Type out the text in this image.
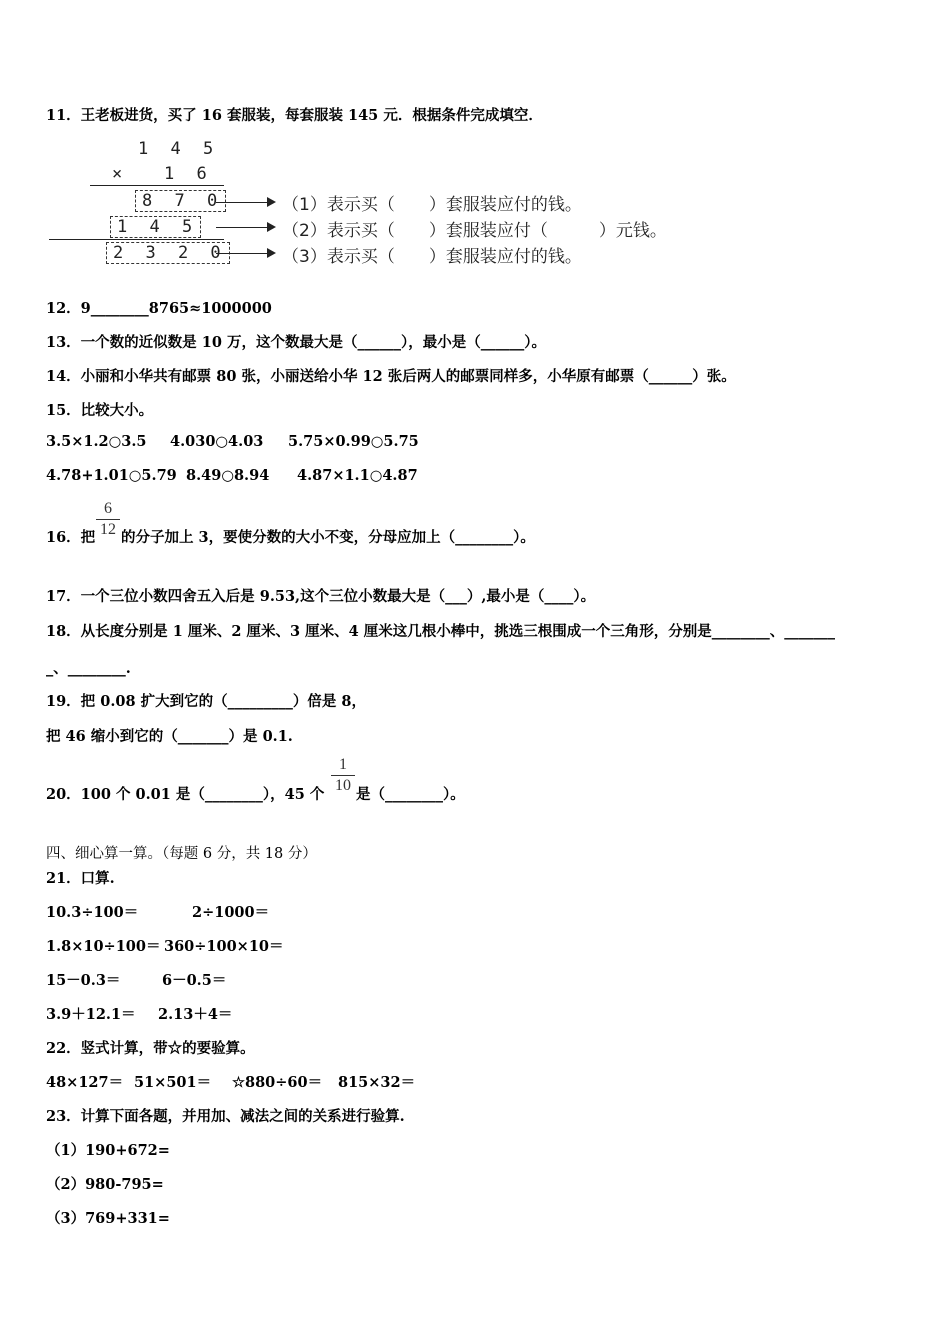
11．王老板进货，买了 16 套服装，每套服装 145 元．根据条件完成填空．
1 4 5
× 1 6
8 7 0	（1）表示买（　　）套服装应付的钱。
1 4 5	（2）表示买（　　）套服装应付（　　　）元钱。
2 3 2 0	（3）表示买（　　）套服装应付的钱。
12．9________8765≈1000000
13．一个数的近似数是 10 万，这个数最大是（______），最小是（______）。
14．小丽和小华共有邮票 80 张，小丽送给小华 12 张后两人的邮票同样多，小华原有邮票（______）张。
15．比较大小。
3.5×1.2○3.5 4.030○4.03 5.75×0.99○5.75
4.78+1.01○5.79 8.49○8.94 4.87×1.1○4.87
16．把
6
12 的分子加上 3，要使分数的大小不变，分母应加上（________）。
17．一个三位小数四舍五入后是 9.53,这个三位小数最大是（___）,最小是（____）。
18．从长度分别是 1 厘米、2 厘米、3 厘米、4 厘米这几根小棒中，挑选三根围成一个三角形，分别是________、_______
_、________.
19．把 0.08 扩大到它的（_________）倍是 8，
把 46 缩小到它的（_______）是 0.1.
20．100 个 0.01 是（________），45 个
1
10
是（________）。
四、细心算一算。（每题 6 分，共 18 分）
21．口算.
10.3÷100＝	2÷1000＝
1.8×10÷100＝ 360÷100×10＝
15－0.3＝	6－0.5＝
3.9＋12.1＝ 2.13＋4＝
22．竖式计算，带☆的要验算。
48×127＝ 51×501＝ ☆880÷60＝ 815×32＝
23．计算下面各题，并用加、减法之间的关系进行验算.
（1）190+672=
（2）980-795=
（3）769+331=
